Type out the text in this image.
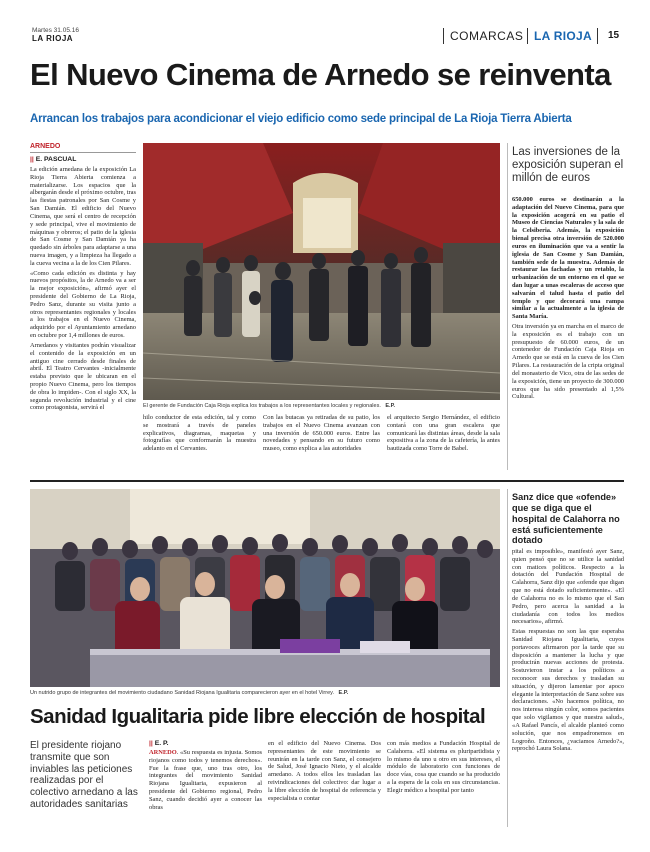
Martes 31.05.16
LA RIOJA	COMARCAS LA RIOJA 15
El Nuevo Cinema de Arnedo se reinventa
Arrancan los trabajos para acondicionar el viejo edificio como sede principal de La Rioja Tierra Abierta
ARNEDO
|| E. PASCUAL

La edición arnedana de la exposición La Rioja Tierra Abierta comienza a materializarse. Los espacios que la albergarán desde el próximo octubre, tras las fiestas patronales por San Cosme y San Damián. El edificio del Nuevo Cinema, que será el centro de recepción y sede principal, vive el movimiento de máquinas y obreros; el patio de la iglesia de San Cosme y San Damián ya ha quedado sin árboles para adaptarse a una nueva imagen, y a limpieza ha llegado a la cueva vecina a la de los Cien Pilares.

«Como cada edición es distinta y hay nuevos propósitos, la de Arnedo va a ser la mejor exposición», afirmó ayer el presidente del Gobierno de La Rioja, Pedro Sanz, durante su visita junto a otros representantes regionales y locales a los trabajos en el Nuevo Cinema, adquirido por el Ayuntamiento arnedano en octubre por 1,4 millones de euros.

Arnedanos y visitantes podrán visualizar el contenido de la exposición en un antiguo cine cerrado desde finales de abril. El Teatro Cervantes -inicialmente estaba previsto que le ubicaran en el propio Nuevo Cinema, pero los tiempos de obra lo impiden-. Con el siglo XX, la segunda revolución industrial y el cine como protagonista, servirá el	El gerente de Fundación Caja Rioja explica los trabajos a los representantes locales y regionales. E.P.
hilo conductor de esta edición, tal y como se mostrará a través de paneles explicativos, diagramas, maquetas y fotografías que conformarán la muestra adelanto en el Cervantes.
Con las butacas ya retiradas de su patio, los trabajos en el Nuevo Cinema avanzan con una inversión de 650.000 euros. Entre las novedades y pensando en su futuro como museo, como explica a las autoridades
el arquitecto Sergio Hernández, el edificio contará con una gran escalera que comunicará las distintas áreas, desde la sala expositiva a la zona de la cafetería, la antes bautizada como Torre de Babel.
Las inversiones de la exposición superan el millón de euros

650.000 euros se destinarán a la adaptación del Nuevo Cinema, para que la exposición acogerá en su patio el Museo de Ciencias Naturales y la sala de la Celsiberia. Además, la exposición bienal precisa otra inversión de 520.000 euros en iluminación que va a sentir la iglesia de San Cosme y San Damián, también sede de la muestra. Además de restaurar las fachadas y un retablo, la urbanización de un entorno en el que se dan lugar a unas escaleras de acceso que salvarán el talud hasta el patio del templo y que decorará una rampa similar a la actualmente a la iglesia de Santa María.

Otra inversión ya en marcha en el marco de la exposición es el trabajo con un presupuesto de 60.000 euros, de un contenedor de Fundación Caja Rioja en Arnedo que se está en la cueva de los Cien Pilares. La restauración de la cripta original del monasterio de Vico, otra de las sedes de la exposición, tiene un proyecto de 300.000 euros que ha sido presentado al 1,5% Cultural.

Un nutrido grupo de integrantes del movimiento ciudadano Sanidad Riojana Igualitaria comparecieron ayer en el hotel Virrey. E.P.
Sanidad Igualitaria pide libre elección de hospital
El presidente riojano transmite que son inviables las peticiones realizadas por el colectivo arnedano a las autoridades sanitarias
|| E. P.
ARNEDO. «Su respuesta es injusta. Somos riojanos como todos y tenemos derechos». Fue la frase que, uno tras otro, los integrantes del movimiento Sanidad Riojana Igualitaria, expusieron al presidente del Gobierno regional, Pedro Sanz, cuando decidió ayer a conocer las obras
en el edificio del Nuevo Cinema. Dos representantes de este movimiento se reunirán en la tarde con Sanz, el consejero de Salud, José Ignacio Nieto, y el alcalde arnedano. A todos ellos les trasladan las reivindicaciones del colectivo: dar lugar a la libre elección de hospital de referencia y especialista o contar
con más medios a Fundación Hospital de Calahorra. «El sistema es pluripartidista y lo mismo da uno u otro en sus intereses, el módulo de laboratorio con funciones de doce vías, cosa que cuando se ha producido a la espera de la cola en sus circunstancias. Elegir médico a hospital por tanto
Sanz dice que «ofende» que se diga que el hospital de Calahorra no está suficientemente dotado

pital es imposible», manifestó ayer Sanz, quien pensó que no se utilice la sanidad con matices políticos. Respecto a la dotación del Fundación Hospital de Calahorra, Sanz dijo que «ofende que digan que no está dotado suficientemente». «El de Calahorra no es lo mismo que el San Pedro, pero acerca la sanidad a la ciudadanía con todos los medios necesarios», afirmó.

Estas respuestas no son las que esperaba Sanidad Riojana Igualitaria, cuyos portavoces afirmaron por la tarde que su disposición a mantener la lucha y que producirán nuevas acciones de protesta. Sostuvieron instar a los políticos a reconocer sus derechos y trasladan su situación, y dijeron lamentar por apoco elegante la interpretación de Sanz sobre sus declaraciones. «No hacemos política, no nos interesa ningún color, somos pacientes que solo vigilamos y que nuestra salud», «A Rafael Pancís, el alcalde planteó como solución, que nos empadronemos en Logroño. Entonces, ¿vaciamos Arnedo?», reprochó Laura Solana.
